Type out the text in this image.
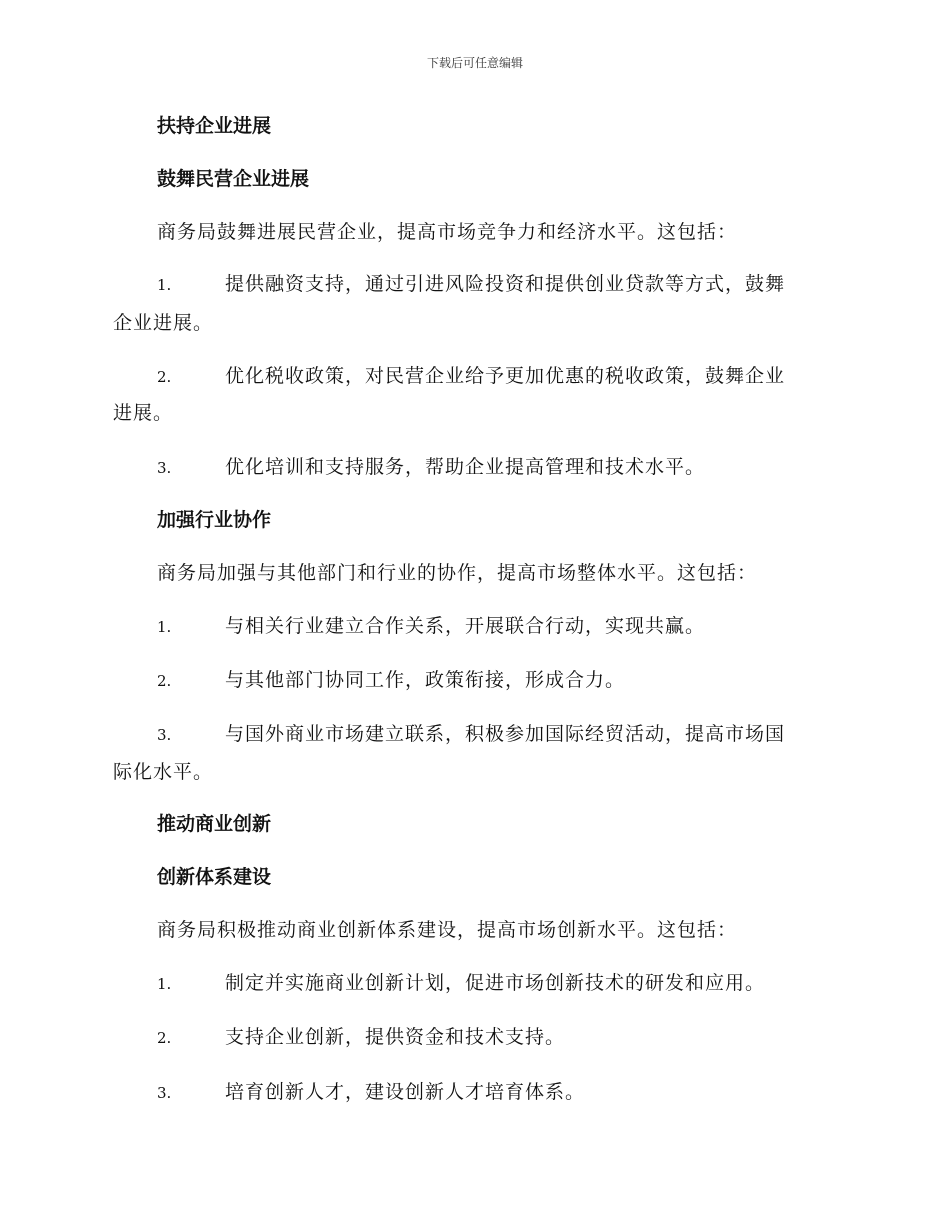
下载后可任意编辑
扶持企业进展
鼓舞民营企业进展
商务局鼓舞进展民营企业，提高市场竞争力和经济水平。这包括：
1.	提供融资支持，通过引进风险投资和提供创业贷款等方式，鼓舞
企业进展。
2.	优化税收政策，对民营企业给予更加优惠的税收政策，鼓舞企业
进展。
3.	优化培训和支持服务，帮助企业提高管理和技术水平。
加强行业协作
商务局加强与其他部门和行业的协作，提高市场整体水平。这包括：
1.	与相关行业建立合作关系，开展联合行动，实现共赢。
2.	与其他部门协同工作，政策衔接，形成合力。
3.	与国外商业市场建立联系，积极参加国际经贸活动，提高市场国
际化水平。
推动商业创新
创新体系建设
商务局积极推动商业创新体系建设，提高市场创新水平。这包括：
1.	制定并实施商业创新计划，促进市场创新技术的研发和应用。
2.	支持企业创新，提供资金和技术支持。
3.	培育创新人才，建设创新人才培育体系。
